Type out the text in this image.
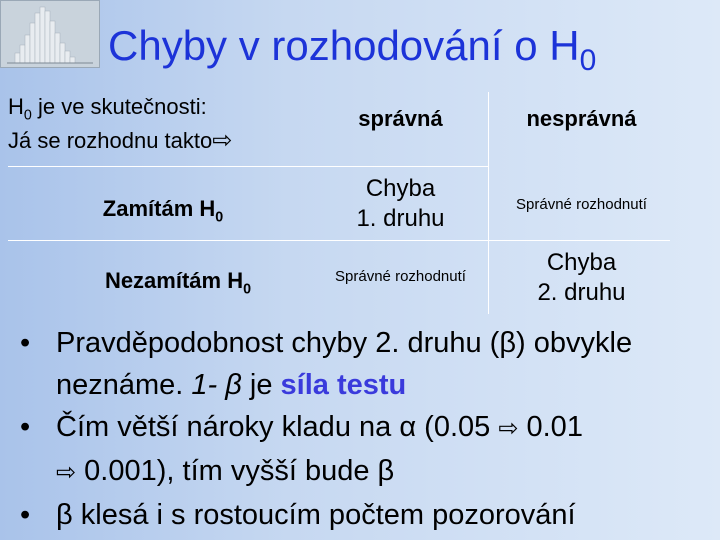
Chyby v rozhodování o $H_0$
$H_0$ je ve skutečnosti:
Já se rozhodnu takto⇨
správná	nesprávná
Zamítám $H_0$
Chyba
1. druhu
Správné rozhodnutí
Nezamítám $H_0$
Správné rozhodnutí
Chyba
2. druhu
• Pravděpodobnost chyby 2. druhu (β) obvykle neznáme. 1- β je síla testu
• Čím větší nároky kladu na α (0.05 ⇨ 0.01
⇨ 0.001), tím vyšší bude β
• β klesá i s rostoucím počtem pozorování
